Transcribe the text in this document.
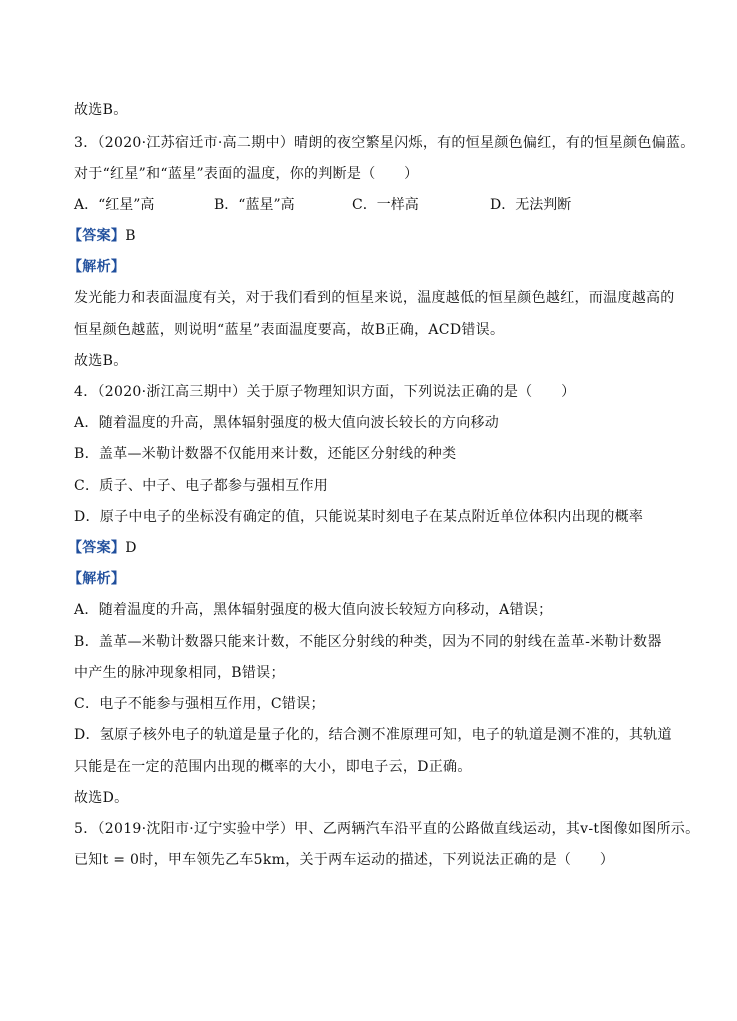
故选B。
3．（2020·江苏宿迁市·高二期中）晴朗的夜空繁星闪烁，有的恒星颜色偏红，有的恒星颜色偏蓝。
对于“红星”和“蓝星”表面的温度，你的判断是（　　）
A．“红星”高	B．“蓝星”高	C．一样高	D．无法判断
【答案】B
【解析】
发光能力和表面温度有关，对于我们看到的恒星来说，温度越低的恒星颜色越红，而温度越高的
恒星颜色越蓝，则说明“蓝星”表面温度要高，故B正确，ACD错误。
故选B。
4．（2020·浙江高三期中）关于原子物理知识方面，下列说法正确的是（　　）
A．随着温度的升高，黑体辐射强度的极大值向波长较长的方向移动
B．盖革—米勒计数器不仅能用来计数，还能区分射线的种类
C．质子、中子、电子都参与强相互作用
D．原子中电子的坐标没有确定的值，只能说某时刻电子在某点附近单位体积内出现的概率
【答案】D
【解析】
A．随着温度的升高，黑体辐射强度的极大值向波长较短方向移动，A错误；
B．盖革—米勒计数器只能来计数，不能区分射线的种类，因为不同的射线在盖革-米勒计数器
中产生的脉冲现象相同，B错误；
C．电子不能参与强相互作用，C错误；
D．氢原子核外电子的轨道是量子化的，结合测不准原理可知，电子的轨道是测不准的，其轨道
只能是在一定的范围内出现的概率的大小，即电子云，D正确。
故选D。
5．（2019·沈阳市·辽宁实验中学）甲、乙两辆汽车沿平直的公路做直线运动，其v-t图像如图所示。
已知t = 0时，甲车领先乙车5km，关于两车运动的描述，下列说法正确的是（　　）
